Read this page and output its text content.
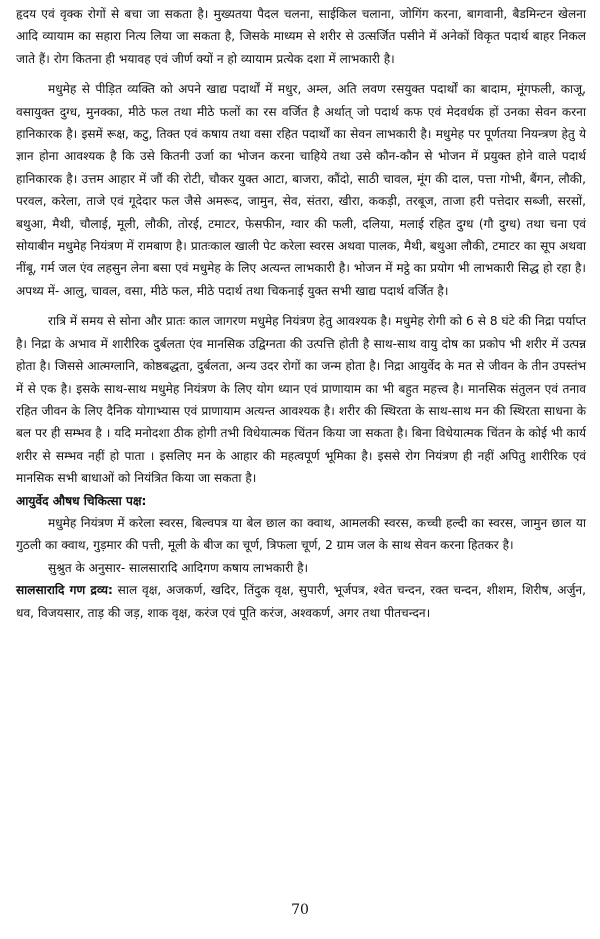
हृदय एवं वृक्क रोगों से बचा जा सकता है। मुख्यतया पैदल चलना, साईकिल चलाना, जोगिंग करना, बागवानी, बैडमिन्टन खेलना आदि व्यायाम का सहारा नित्य लिया जा सकता है, जिसके माध्यम से शरीर से उत्सर्जित पसीने में अनेकों विकृत पदार्थ बाहर निकल जाते हैं। रोग कितना ही भयावह एवं जीर्ण क्यों न हो व्यायाम प्रत्येक दशा में लाभकारी है।

मधुमेह से पीड़ित व्यक्ति को अपने खाद्य पदार्थों में मधुर, अम्ल, अति लवण रसयुक्त पदार्थों का बादाम, मूंगफली, काजू, वसायुक्त दुग्ध, मुनक्का, मीठे फल तथा मीठे फलों का रस वर्जित है अर्थात् जो पदार्थ कफ एवं मेदवर्धक हों उनका सेवन करना हानिकारक है। इसमें रूक्ष, कटु, तिक्त एवं कषाय तथा वसा रहित पदार्थों का सेवन लाभकारी है। मधुमेह पर पूर्णतया नियन्त्रण हेतु ये ज्ञान होना आवश्यक है कि उसे कितनी उर्जा का भोजन करना चाहिये तथा उसे कौन-कौन से भोजन में प्रयुक्त होने वाले पदार्थ हानिकारक है। उत्तम आहार में जौं की रोटी, चौकर युक्त आटा, बाजरा, कौंदो, साठी चावल, मूंग की दाल, पत्ता गोभी, बैंगन, लौकी, परवल, करेला, ताजे एवं गूदेदार फल जैसे अमरूद, जामुन, सेव, संतरा, खीरा, ककड़ी, तरबूज, ताजा हरी पत्तेदार सब्जी, सरसों, बथुआ, मैथी, चौलाई, मूली, लौकी, तोरई, टमाटर, फेसफीन, ग्वार की फली, दलिया, मलाई रहित दुग्ध (गौ दुग्ध) तथा चना एवं सोयाबीन मधुमेह नियंत्रण में रामबाण है। प्रातःकाल खाली पेट करेला स्वरस अथवा पालक, मैथी, बथुआ लौकी, टमाटर का सूप अथवा नींबू, गर्म जल एंव लहसुन लेना बसा एवं मधुमेह के लिए अत्यन्त लाभकारी है। भोजन में मट्ठे का प्रयोग भी लाभकारी सिद्ध हो रहा है। अपथ्य में- आलु, चावल, वसा, मीठे फल, मीठे पदार्थ तथा चिकनाई युक्त सभी खाद्य पदार्थ वर्जित है।

रात्रि में समय से सोना और प्रातः काल जागरण मधुमेह नियंत्रण हेतु आवश्यक है। मधुमेह रोगी को 6 से 8 घंटे की निद्रा पर्याप्त है। निद्रा के अभाव में शारीरिक दुर्बलता एंव मानसिक उद्विग्नता की उत्पत्ति होती है साथ-साथ वायु दोष का प्रकोप भी शरीर में उत्पन्न होता है। जिससे आत्मग्लानि, कोष्ठबद्धता, दुर्बलता, अन्य उदर रोगों का जन्म होता है। निद्रा आयुर्वेद के मत से जीवन के तीन उपस्तंभ में से एक है। इसके साथ-साथ मधुमेह नियंत्रण के लिए योग ध्यान एवं प्राणायाम का भी बहुत महत्त्व है। मानसिक संतुलन एवं तनाव रहित जीवन के लिए दैनिक योगाभ्यास एवं प्राणायाम अत्यन्त आवश्यक है। शरीर की स्थिरता के साथ-साथ मन की स्थिरता साधना के बल पर ही सम्भव है । यदि मनोदशा ठीक होगी तभी विधेयात्मक चिंतन किया जा सकता है। बिना विधेयात्मक चिंतन के कोई भी कार्य शरीर से सम्भव नहीं हो पाता । इसलिए मन के आहार की महत्वपूर्ण भूमिका है। इससे रोग नियंत्रण ही नहीं अपितु शारीरिक एवं मानसिक सभी बाधाओं को नियंत्रित किया जा सकता है।

आयुर्वेद औषध चिकित्सा पक्ष:

मधुमेह नियंत्रण में करेला स्वरस, बिल्वपत्र या बेल छाल का क्वाथ, आमलकी स्वरस, कच्ची हल्दी का स्वरस, जामुन छाल या गुठली का क्वाथ, गुड़मार की पत्ती, मूली के बीज का चूर्ण, त्रिफला चूर्ण, 2 ग्राम जल के साथ सेवन करना हितकर है।

सुश्रुत के अनुसार- सालसारादि आदिगण कषाय लाभकारी है।

सालसारादि गण द्रव्य: साल वृक्ष, अजकर्ण, खदिर, तिंदुक वृक्ष, सुपारी, भूर्जपत्र, श्वेत चन्दन, रक्त चन्दन, शीशम, शिरीष, अर्जुन, धव, विजयसार, ताड़ की जड़, शाक वृक्ष, करंज एवं पूति करंज, अश्वकर्ण, अगर तथा पीतचन्दन।

70
